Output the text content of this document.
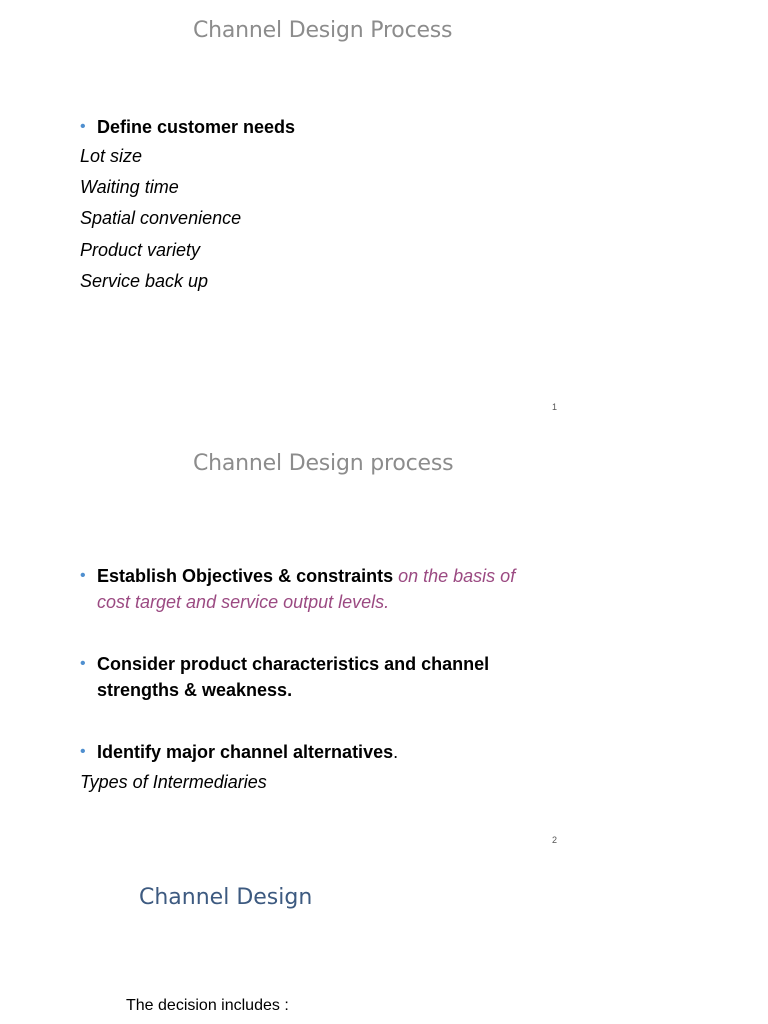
Channel Design Process
• Define customer needs
Lot size
Waiting time
Spatial convenience
Product variety
Service back up
1
Channel Design process
• Establish Objectives & constraints on the basis of
cost target and service output levels.
• Consider product characteristics and channel
strengths & weakness.
• Identify major channel alternatives.
Types of Intermediaries
2
Channel Design
The decision includes :
